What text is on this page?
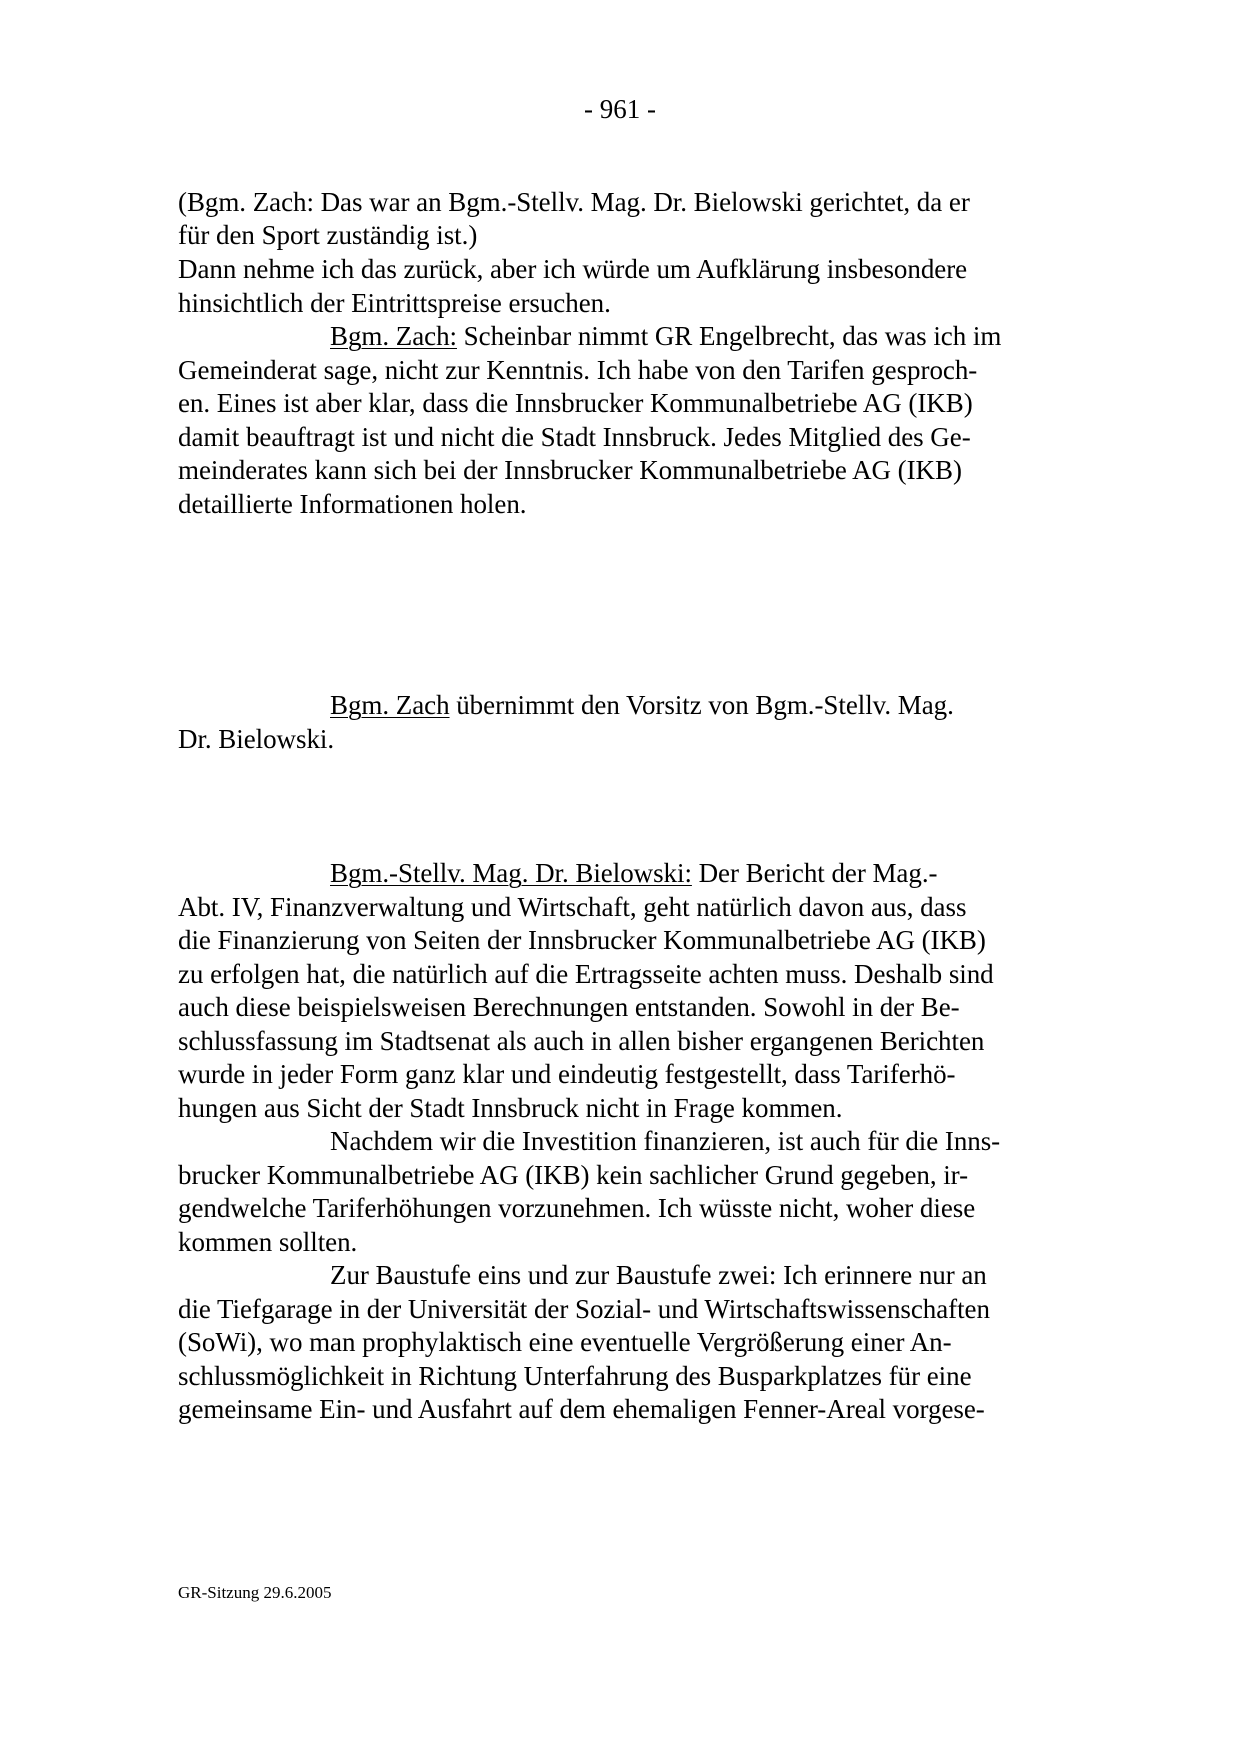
- 961 -
(Bgm. Zach: Das war an Bgm.-Stellv. Mag. Dr. Bielowski gerichtet, da er
für den Sport zuständig ist.)
Dann nehme ich das zurück, aber ich würde um Aufklärung insbesondere
hinsichtlich der Eintrittspreise ersuchen.
Bgm. Zach: Scheinbar nimmt GR Engelbrecht, das was ich im
Gemeinderat sage, nicht zur Kenntnis. Ich habe von den Tarifen gesproch-
en. Eines ist aber klar, dass die Innsbrucker Kommunalbetriebe AG (IKB)
damit beauftragt ist und nicht die Stadt Innsbruck. Jedes Mitglied des Ge-
meinderates kann sich bei der Innsbrucker Kommunalbetriebe AG (IKB)
detaillierte Informationen holen.
Bgm. Zach übernimmt den Vorsitz von Bgm.-Stellv. Mag.
Dr. Bielowski.
Bgm.-Stellv. Mag. Dr. Bielowski: Der Bericht der Mag.-
Abt. IV, Finanzverwaltung und Wirtschaft, geht natürlich davon aus, dass
die Finanzierung von Seiten der Innsbrucker Kommunalbetriebe AG (IKB)
zu erfolgen hat, die natürlich auf die Ertragsseite achten muss. Deshalb sind
auch diese beispielsweisen Berechnungen entstanden. Sowohl in der Be-
schlussfassung im Stadtsenat als auch in allen bisher ergangenen Berichten
wurde in jeder Form ganz klar und eindeutig festgestellt, dass Tariferhö-
hungen aus Sicht der Stadt Innsbruck nicht in Frage kommen.
Nachdem wir die Investition finanzieren, ist auch für die Inns-
brucker Kommunalbetriebe AG (IKB) kein sachlicher Grund gegeben, ir-
gendwelche Tariferhöhungen vorzunehmen. Ich wüsste nicht, woher diese
kommen sollten.
Zur Baustufe eins und zur Baustufe zwei: Ich erinnere nur an
die Tiefgarage in der Universität der Sozial- und Wirtschaftswissenschaften
(SoWi), wo man prophylaktisch eine eventuelle Vergrößerung einer An-
schlussmöglichkeit in Richtung Unterfahrung des Busparkplatzes für eine
gemeinsame Ein- und Ausfahrt auf dem ehemaligen Fenner-Areal vorgese-
GR-Sitzung 29.6.2005
